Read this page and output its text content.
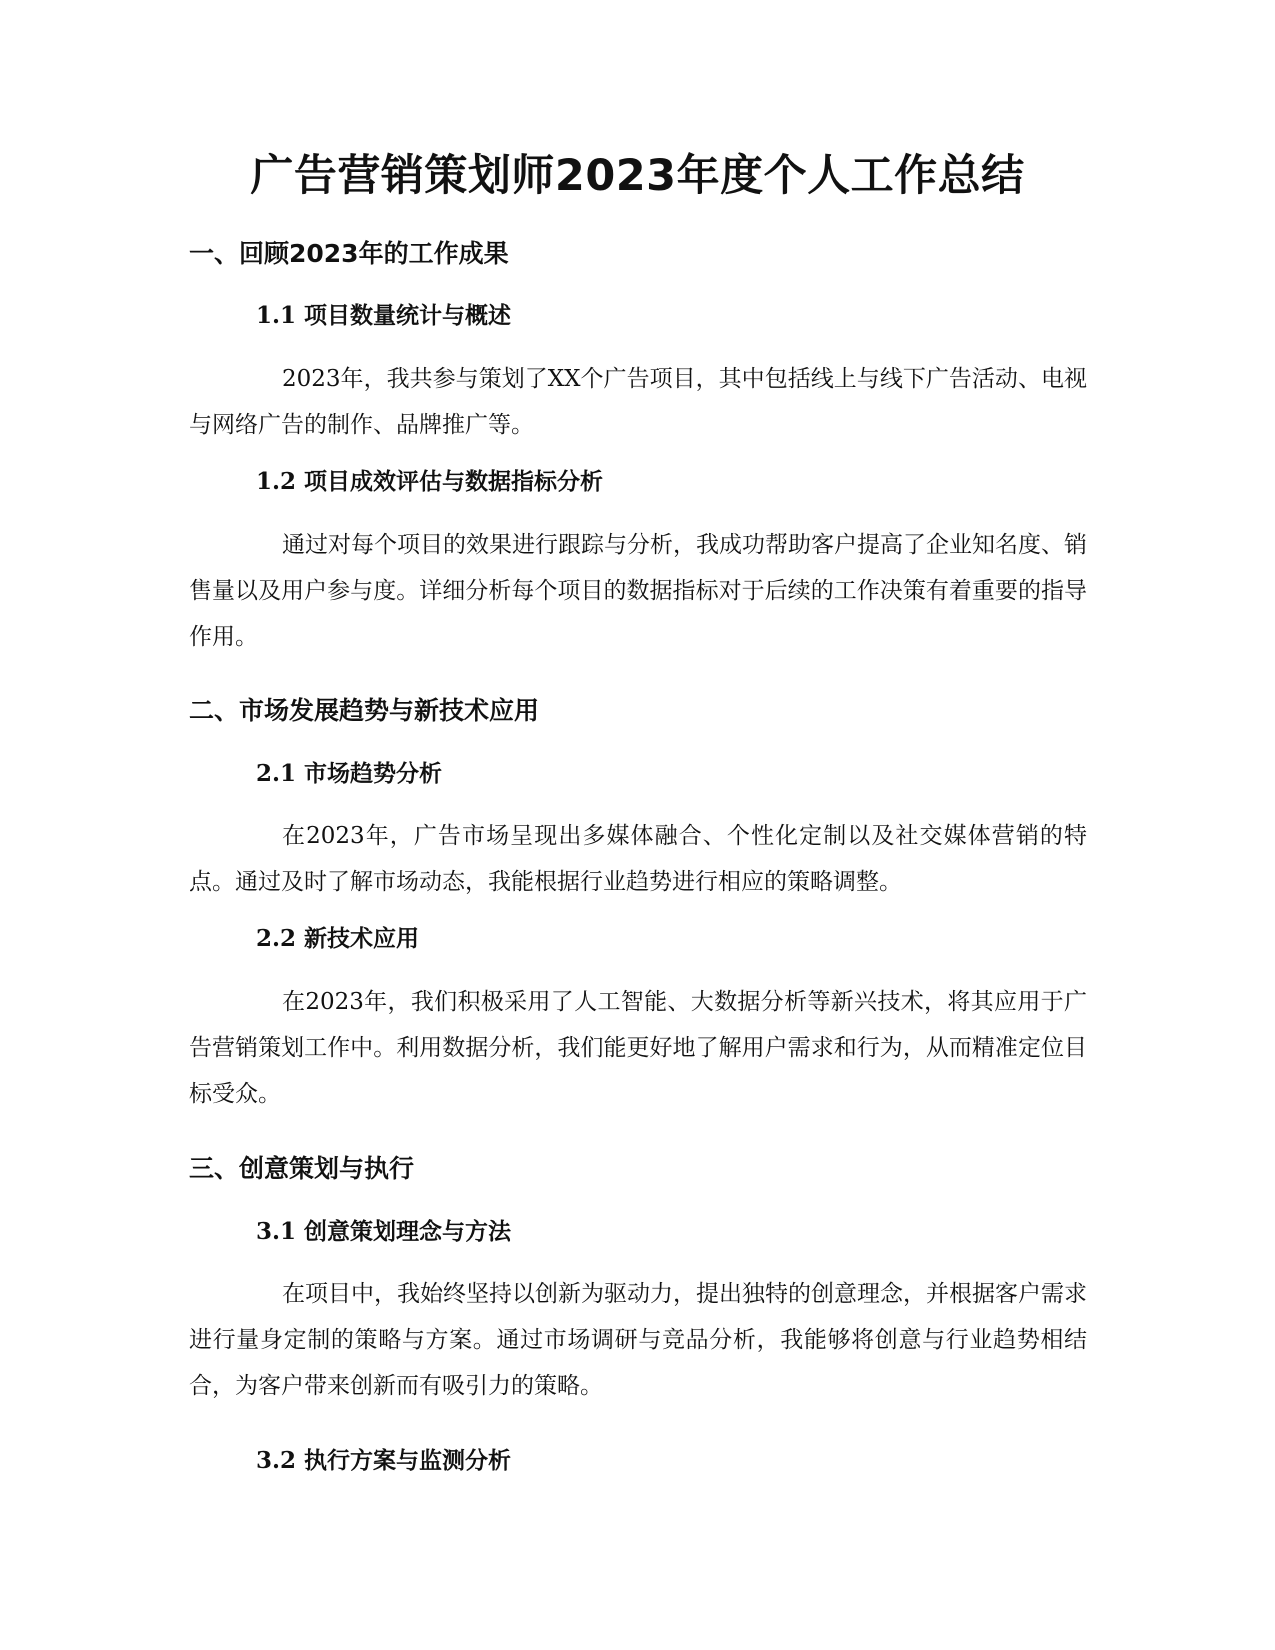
广告营销策划师2023年度个人工作总结
一、回顾2023年的工作成果
1.1 项目数量统计与概述

2023年，我共参与策划了XX个广告项目，其中包括线上与线下广告活动、电视与网络广告的制作、品牌推广等。

1.2 项目成效评估与数据指标分析

通过对每个项目的效果进行跟踪与分析，我成功帮助客户提高了企业知名度、销售量以及用户参与度。详细分析每个项目的数据指标对于后续的工作决策有着重要的指导作用。

二、市场发展趋势与新技术应用
2.1 市场趋势分析

在2023年，广告市场呈现出多媒体融合、个性化定制以及社交媒体营销的特点。通过及时了解市场动态，我能根据行业趋势进行相应的策略调整。

2.2 新技术应用

在2023年，我们积极采用了人工智能、大数据分析等新兴技术，将其应用于广告营销策划工作中。利用数据分析，我们能更好地了解用户需求和行为，从而精准定位目标受众。

三、创意策划与执行
3.1 创意策划理念与方法

在项目中，我始终坚持以创新为驱动力，提出独特的创意理念，并根据客户需求进行量身定制的策略与方案。通过市场调研与竞品分析，我能够将创意与行业趋势相结合，为客户带来创新而有吸引力的策略。

3.2 执行方案与监测分析
